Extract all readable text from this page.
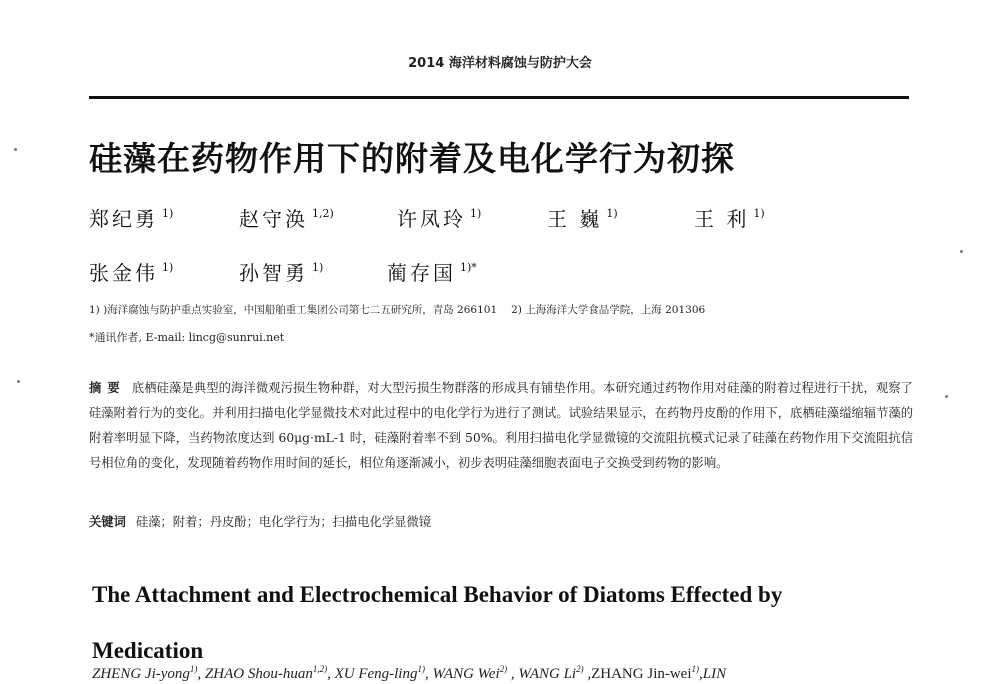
2014 海洋材料腐蚀与防护大会
硅藻在药物作用下的附着及电化学行为初探
郑纪勇 $^{1)}$	赵守涣 $^{1,2)}$	许凤玲 $^{1)}$	王 巍 $^{1)}$	王 利 $^{1)}$
张金伟 $^{1)}$	孙智勇 $^{1)}$	蔺存国 $^{1)*}$
1) )海洋腐蚀与防护重点实验室，中国船舶重工集团公司第七二五研究所，青岛 266101 2) 上海海洋大学食品学院，上海 201306
*通讯作者, E-mail: lincg@sunrui.net
摘要 底栖硅藻是典型的海洋微观污损生物种群，对大型污损生物群落的形成具有铺垫作用。本研究通过药物作用对硅藻的附着过程进行干扰，观察了硅藻附着行为的变化。并利用扫描电化学显微技术对此过程中的电化学行为进行了测试。试验结果显示，在药物丹皮酚的作用下，底栖硅藻缢缩辐节藻的附着率明显下降，当药物浓度达到 60μg·mL-1 时，硅藻附着率不到 50%。利用扫描电化学显微镜的交流阻抗模式记录了硅藻在药物作用下交流阻抗信号相位角的变化，发现随着药物作用时间的延长，相位角逐渐减小，初步表明硅藻细胞表面电子交换受到药物的影响。
关键词 硅藻；附着；丹皮酚；电化学行为；扫描电化学显微镜
The Attachment and Electrochemical Behavior of Diatoms Effected by Medication
ZHENG Ji-yong$^{1)}$, ZHAO Shou-huan$^{1,2)}$, XU Feng-ling$^{1)}$, WANG Wei$^{2)}$ , WANG Li$^{2)}$ ,ZHANG Jin-wei$^{1)}$,LIN
